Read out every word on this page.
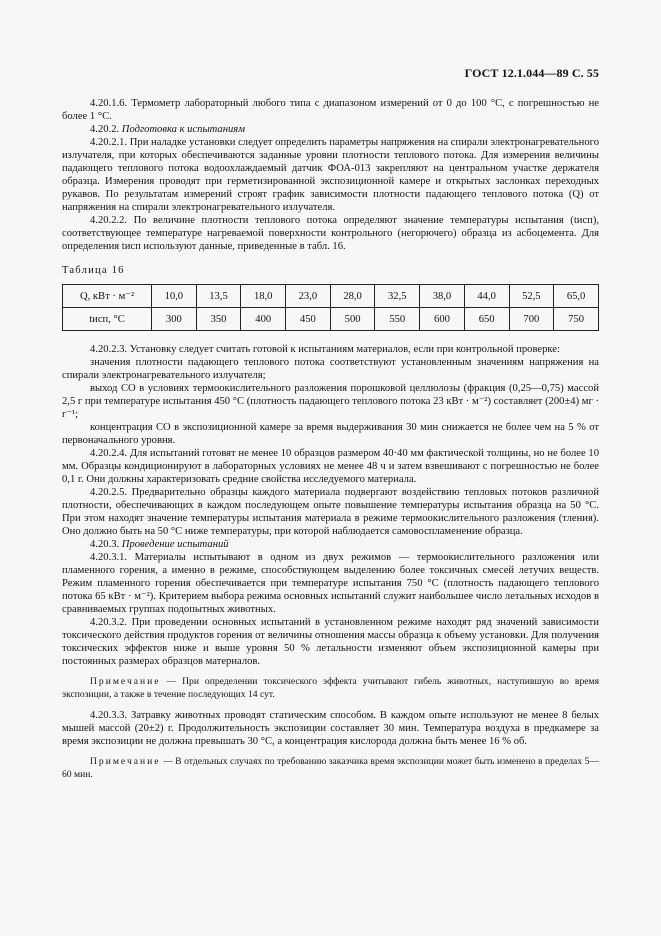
ГОСТ 12.1.044—89 С. 55

4.20.1.6. Термометр лабораторный любого типа с диапазоном измерений от 0 до 100 °С, с погрешностью не более 1 °С.

4.20.2. Подготовка к испытаниям

4.20.2.1. При наладке установки следует определить параметры напряжения на спирали электронагревательного излучателя, при которых обеспечиваются заданные уровни плотности теплового потока. Для измерения величины падающего теплового потока водоохлаждаемый датчик ФОА-013 закрепляют на центральном участке держателя образца. Измерения проводят при герметизированной экспозиционной камере и открытых заслонках переходных рукавов. По результатам измерений строят график зависимости плотности падающего теплового потока (Q) от напряжения на спирали электронагревательного излучателя.

4.20.2.2. По величине плотности теплового потока определяют значение температуры испытания (tисп), соответствующее температуре нагреваемой поверхности контрольного (негорючего) образца из асбоцемента. Для определения tисп используют данные, приведенные в табл. 16.

Таблица 16

Q, кВт · м⁻²	10,0	13,5	18,0	23,0	28,0	32,5	38,0	44,0	52,5	65,0
tисп, °С	300	350	400	450	500	550	600	650	700	750

4.20.2.3. Установку следует считать готовой к испытаниям материалов, если при контрольной проверке:

значения плотности падающего теплового потока соответствуют установленным значениям напряжения на спирали электронагревательного излучателя;

выход СО в условиях термоокислительного разложения порошковой целлюлозы (фракция (0,25—0,75) массой 2,5 г при температуре испытания 450 °С (плотность падающего теплового потока 23 кВт · м⁻²) составляет (200±4) мг · г⁻¹;

концентрация СО в экспозиционной камере за время выдерживания 30 мин снижается не более чем на 5 % от первоначального уровня.

4.20.2.4. Для испытаний готовят не менее 10 образцов размером 40·40 мм фактической толщины, но не более 10 мм. Образцы кондиционируют в лабораторных условиях не менее 48 ч и затем взвешивают с погрешностью не более 0,1 г. Они должны характеризовать средние свойства исследуемого материала.

4.20.2.5. Предварительно образцы каждого материала подвергают воздействию тепловых потоков различной плотности, обеспечивающих в каждом последующем опыте повышение температуры испытания образца на 50 °С. При этом находят значение температуры испытания материала в режиме термоокислительного разложения (тления). Оно должно быть на 50 °С ниже температуры, при которой наблюдается самовоспламенение образца.

4.20.3. Проведение испытаний

4.20.3.1. Материалы испытывают в одном из двух режимов — термоокислительного разложения или пламенного горения, а именно в режиме, способствующем выделению более токсичных смесей летучих веществ. Режим пламенного горения обеспечивается при температуре испытания 750 °С (плотность падающего теплового потока 65 кВт · м⁻²). Критерием выбора режима основных испытаний служит наибольшее число летальных исходов в сравниваемых группах подопытных животных.

4.20.3.2. При проведении основных испытаний в установленном режиме находят ряд значений зависимости токсического действия продуктов горения от величины отношения массы образца к объему установки. Для получения токсических эффектов ниже и выше уровня 50 % летальности изменяют объем экспозиционной камеры при постоянных размерах образцов материалов.

Примечание — При определении токсического эффекта учитывают гибель животных, наступившую во время экспозиции, а также в течение последующих 14 сут.

4.20.3.3. Затравку животных проводят статическим способом. В каждом опыте используют не менее 8 белых мышей массой (20±2) г. Продолжительность экспозиции составляет 30 мин. Температура воздуха в предкамере за время экспозиции не должна превышать 30 °С, а концентрация кислорода должна быть менее 16 % об.

Примечание — В отдельных случаях по требованию заказчика время экспозиции может быть изменено в пределах 5—60 мин.
